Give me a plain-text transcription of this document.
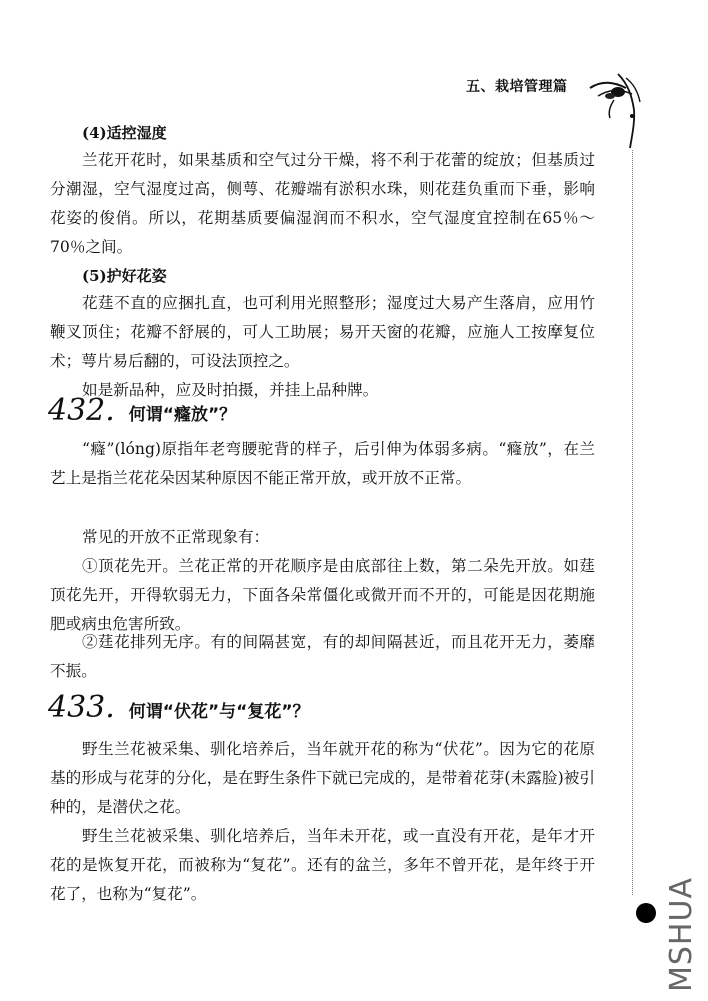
五、栽培管理篇
(4)适控湿度

兰花开花时，如果基质和空气过分干燥，将不利于花蕾的绽放；但基质过分潮湿，空气湿度过高，侧萼、花瓣端有淤积水珠，则花莛负重而下垂，影响花姿的俊俏。所以，花期基质要偏湿润而不积水，空气湿度宜控制在65％～70％之间。

(5)护好花姿

花莛不直的应捆扎直，也可利用光照整形；湿度过大易产生落肩，应用竹鞭叉顶住；花瓣不舒展的，可人工助展；易开天窗的花瓣，应施人工按摩复位术；萼片易后翻的，可设法顶控之。

如是新品种，应及时拍摄，并挂上品种牌。

432. 何谓“癃放”？

“癃”(lóng)原指年老弯腰驼背的样子，后引伸为体弱多病。“癃放”，在兰艺上是指兰花花朵因某种原因不能正常开放，或开放不正常。

常见的开放不正常现象有：

①顶花先开。兰花正常的开花顺序是由底部往上数，第二朵先开放。如莛顶花先开，开得软弱无力，下面各朵常僵化或微开而不开的，可能是因花期施肥或病虫危害所致。

②莛花排列无序。有的间隔甚宽，有的却间隔甚近，而且花开无力，萎靡不振。

433. 何谓“伏花”与“复花”？

野生兰花被采集、驯化培养后，当年就开花的称为“伏花”。因为它的花原基的形成与花芽的分化，是在野生条件下就已完成的，是带着花芽(未露脸)被引种的，是潜伏之花。

野生兰花被采集、驯化培养后，当年未开花，或一直没有开花，是年才开花的是恢复开花，而被称为“复花”。还有的盆兰，多年不曾开花，是年终于开花了，也称为“复花”。	MSHUA
